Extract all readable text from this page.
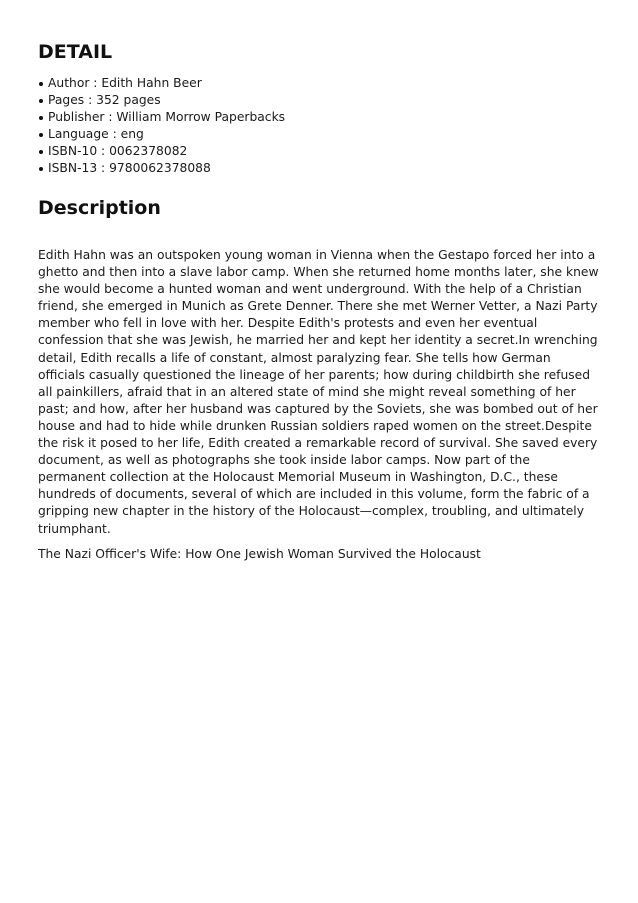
DETAIL
Author : Edith Hahn Beer
Pages : 352 pages
Publisher : William Morrow Paperbacks
Language : eng
ISBN-10 : 0062378082
ISBN-13 : 9780062378088
Description

Edith Hahn was an outspoken young woman in Vienna when the Gestapo forced her into a ghetto and then into a slave labor camp. When she returned home months later, she knew she would become a hunted woman and went underground. With the help of a Christian friend, she emerged in Munich as Grete Denner. There she met Werner Vetter, a Nazi Party member who fell in love with her. Despite Edith's protests and even her eventual confession that she was Jewish, he married her and kept her identity a secret.In wrenching detail, Edith recalls a life of constant, almost paralyzing fear. She tells how German officials casually questioned the lineage of her parents; how during childbirth she refused all painkillers, afraid that in an altered state of mind she might reveal something of her past; and how, after her husband was captured by the Soviets, she was bombed out of her house and had to hide while drunken Russian soldiers raped women on the street.Despite the risk it posed to her life, Edith created a remarkable record of survival. She saved every document, as well as photographs she took inside labor camps. Now part of the permanent collection at the Holocaust Memorial Museum in Washington, D.C., these hundreds of documents, several of which are included in this volume, form the fabric of a gripping new chapter in the history of the Holocaust—complex, troubling, and ultimately triumphant.

The Nazi Officer's Wife: How One Jewish Woman Survived the Holocaust
